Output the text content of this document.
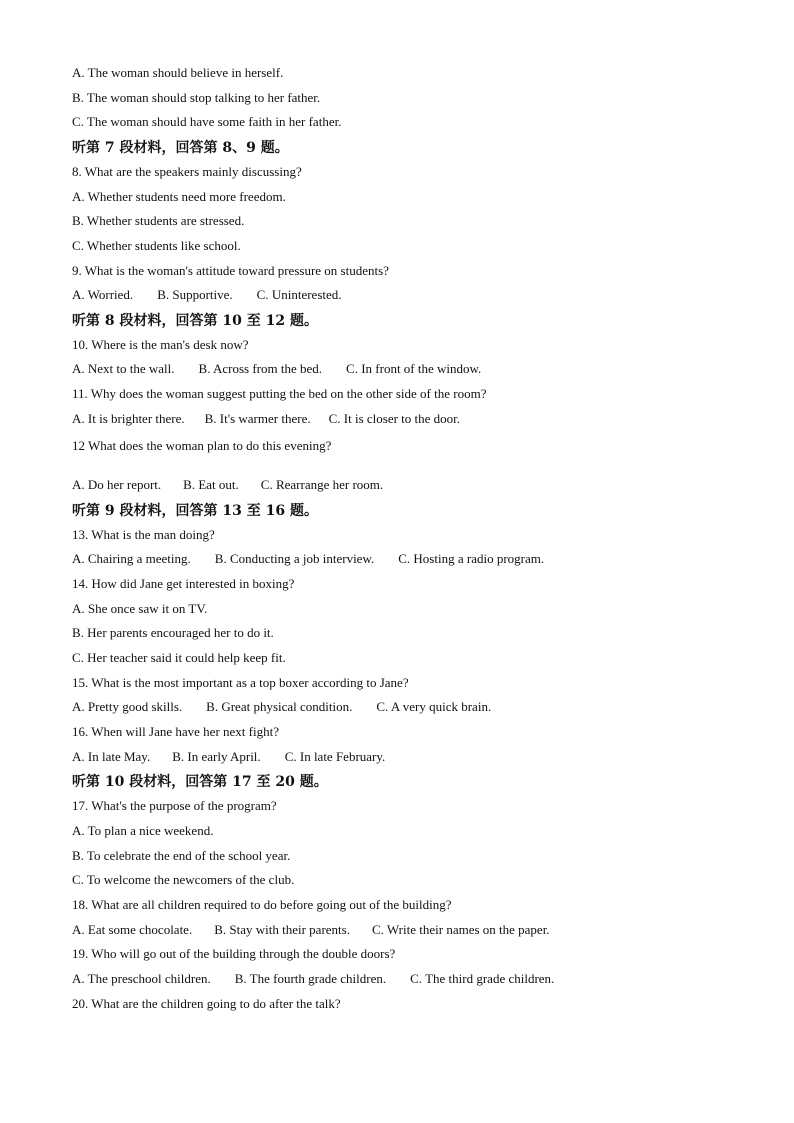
A. The woman should believe in herself.
B. The woman should stop talking to her father.
C. The woman should have some faith in her father.
听第 7 段材料，回答第 8、9 题。
8. What are the speakers mainly discussing?
A. Whether students need more freedom.
B. Whether students are stressed.
C. Whether students like school.
9. What is the woman's attitude toward pressure on students?
A. Worried. B. Supportive. C. Uninterested.
听第 8 段材料，回答第 10 至 12 题。
10. Where is the man's desk now?
A. Next to the wall. B. Across from the bed. C. In front of the window.
11. Why does the woman suggest putting the bed on the other side of the room?
A. It is brighter there. B. It's warmer there. C. It is closer to the door.
12 What does the woman plan to do this evening?
A. Do her report. B. Eat out. C. Rearrange her room.
听第 9 段材料，回答第 13 至 16 题。
13. What is the man doing?
A. Chairing a meeting. B. Conducting a job interview. C. Hosting a radio program.
14. How did Jane get interested in boxing?
A. She once saw it on TV.
B. Her parents encouraged her to do it.
C. Her teacher said it could help keep fit.
15. What is the most important as a top boxer according to Jane?
A. Pretty good skills. B. Great physical condition. C. A very quick brain.
16. When will Jane have her next fight?
A. In late May. B. In early April. C. In late February.
听第 10 段材料，回答第 17 至 20 题。
17. What's the purpose of the program?
A. To plan a nice weekend.
B. To celebrate the end of the school year.
C. To welcome the newcomers of the club.
18. What are all children required to do before going out of the building?
A. Eat some chocolate. B. Stay with their parents. C. Write their names on the paper.
19. Who will go out of the building through the double doors?
A. The preschool children. B. The fourth grade children. C. The third grade children.
20. What are the children going to do after the talk?
